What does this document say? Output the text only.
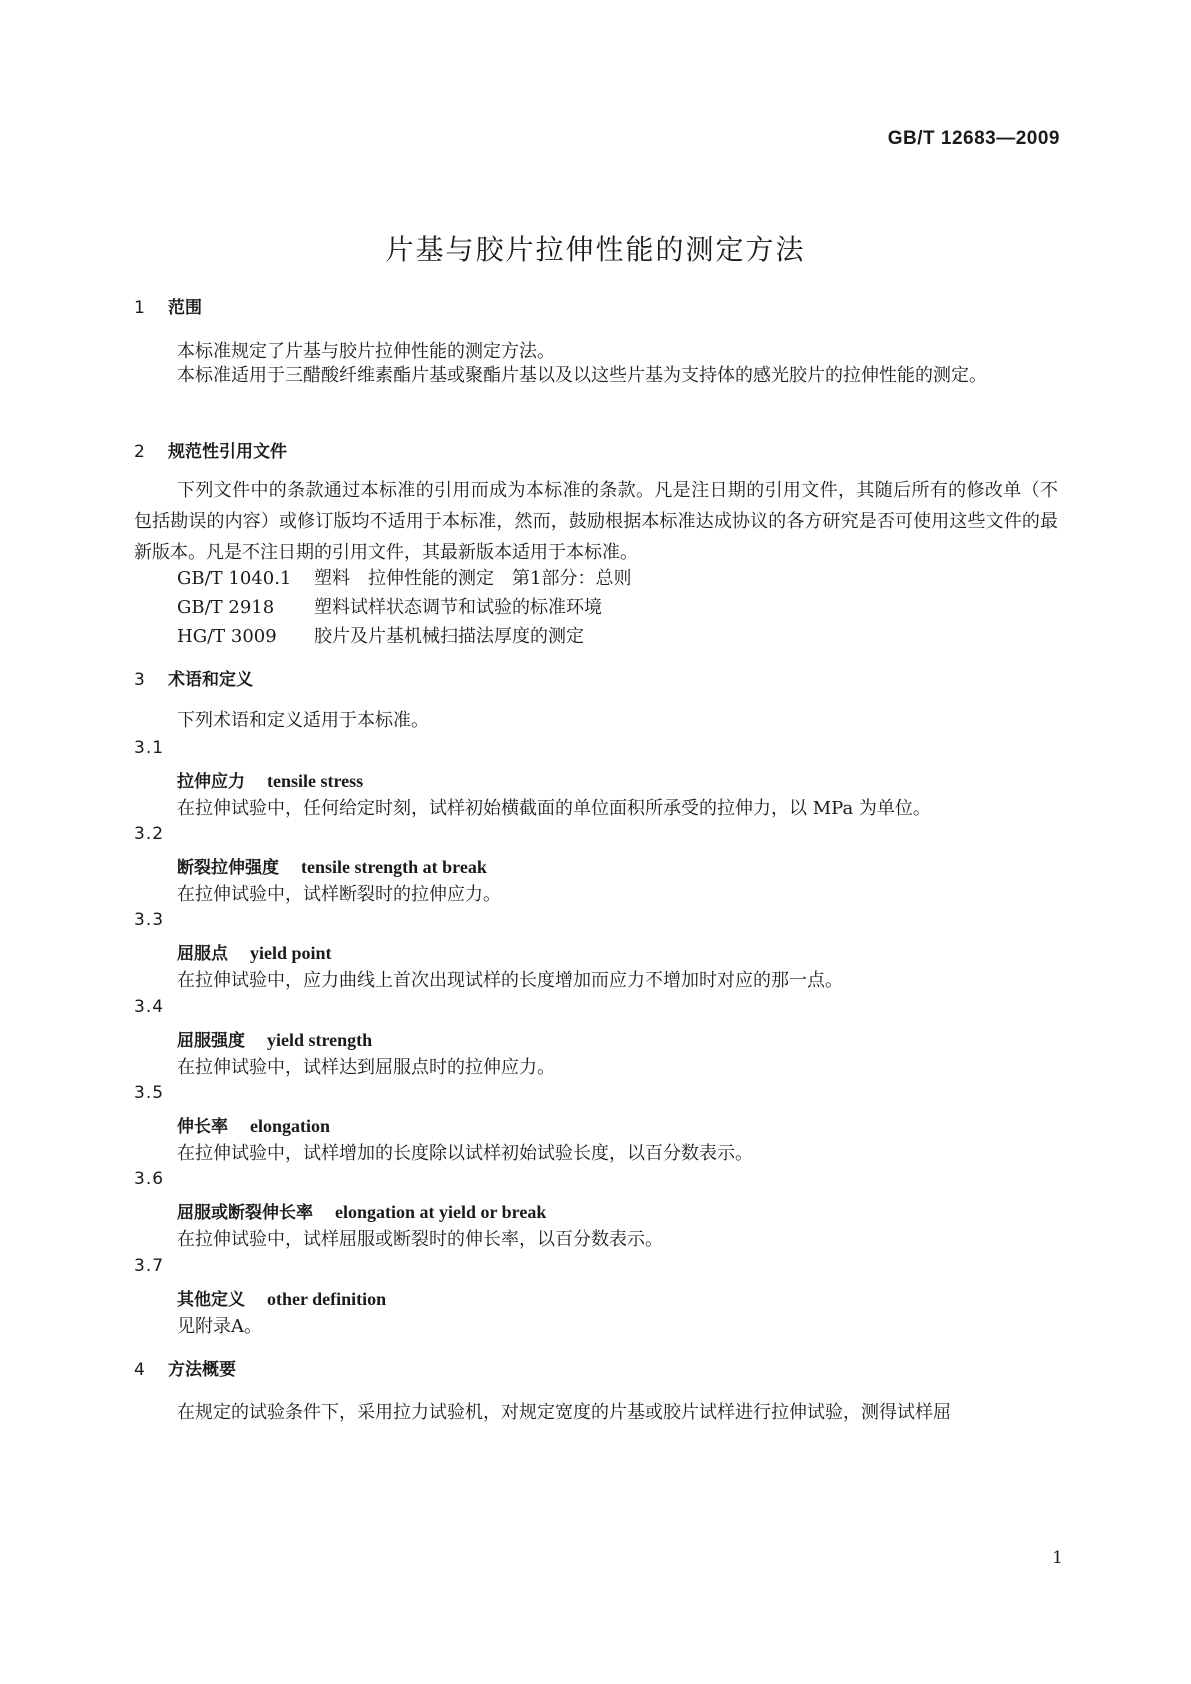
GB/T 12683—2009
片基与胶片拉伸性能的测定方法
1 范围
本标准规定了片基与胶片拉伸性能的测定方法。
本标准适用于三醋酸纤维素酯片基或聚酯片基以及以这些片基为支持体的感光胶片的拉伸性能的测定。
2 规范性引用文件
下列文件中的条款通过本标准的引用而成为本标准的条款。凡是注日期的引用文件，其随后所有的修改单（不包括勘误的内容）或修订版均不适用于本标准，然而，鼓励根据本标准达成协议的各方研究是否可使用这些文件的最新版本。凡是不注日期的引用文件，其最新版本适用于本标准。
GB/T 1040.1 塑料　拉伸性能的测定　第1部分：总则
GB/T 2918 塑料试样状态调节和试验的标准环境
HG/T 3009 胶片及片基机械扫描法厚度的测定
3 术语和定义
下列术语和定义适用于本标准。
3.1
拉伸应力 tensile stress
在拉伸试验中，任何给定时刻，试样初始横截面的单位面积所承受的拉伸力，以 MPa 为单位。
3.2
断裂拉伸强度 tensile strength at break
在拉伸试验中，试样断裂时的拉伸应力。
3.3
屈服点 yield point
在拉伸试验中，应力曲线上首次出现试样的长度增加而应力不增加时对应的那一点。
3.4
屈服强度 yield strength
在拉伸试验中，试样达到屈服点时的拉伸应力。
3.5
伸长率 elongation
在拉伸试验中，试样增加的长度除以试样初始试验长度，以百分数表示。
3.6
屈服或断裂伸长率 elongation at yield or break
在拉伸试验中，试样屈服或断裂时的伸长率，以百分数表示。
3.7
其他定义 other definition
见附录A。
4 方法概要
在规定的试验条件下，采用拉力试验机，对规定宽度的片基或胶片试样进行拉伸试验，测得试样屈
1
